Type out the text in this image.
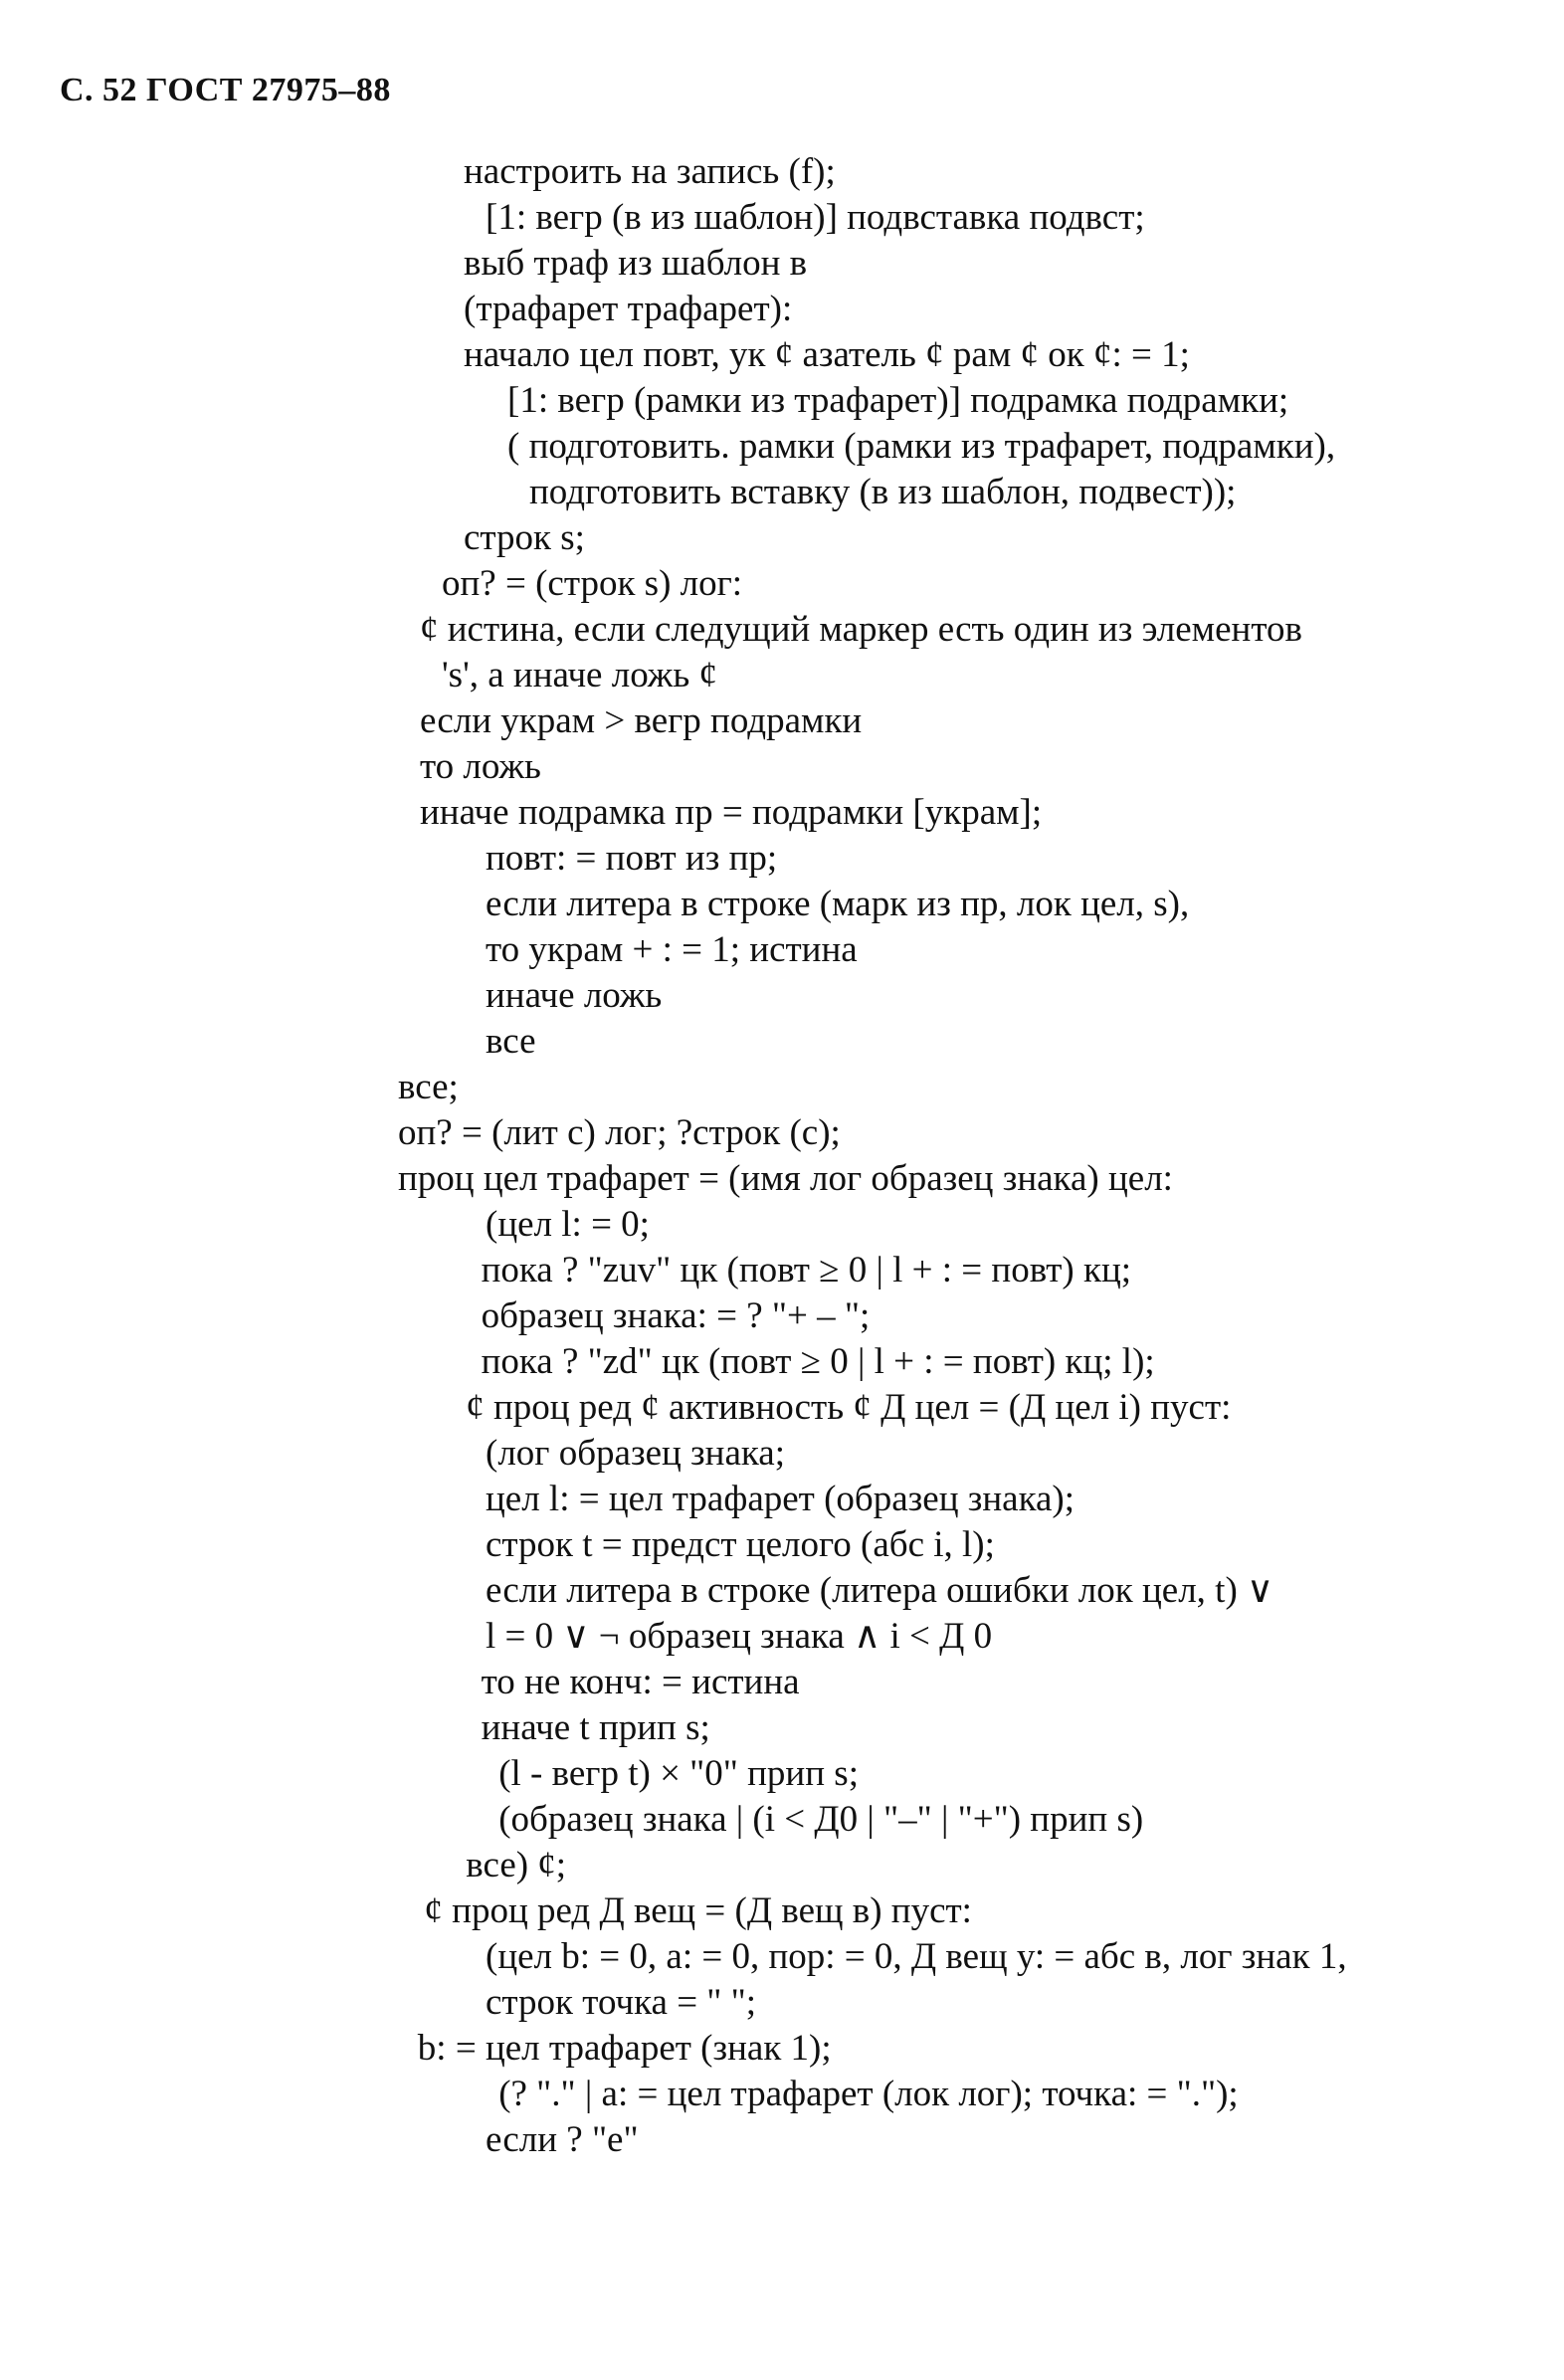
С. 52 ГОСТ 27975–88
настроить на запись (f);
[1: вегр (в из шаблон)] подвставка подвст;
выб траф из шаблон в
(трафарет трафарет):
начало цел повт, ук ¢ азатель ¢ рам ¢ ок ¢: = 1;
[1: вегр (рамки из трафарет)] подрамка подрамки;
( подготовить. рамки (рамки из трафарет, подрамки),
подготовить вставку (в из шаблон, подвест));
строк s;
оп? = (строк s) лог:
¢ истина, если следущий маркер есть один из элементов
's', а иначе ложь ¢
если украм > вегр подрамки
то ложь
иначе подрамка пр = подрамки [украм];
повт: = повт из пр;
если литера в строке (марк из пр, лок цел, s),
то украм + : = 1; истина
иначе ложь
все
все;
оп? = (лит с) лог; ?строк (с);
проц цел трафарет = (имя лог образец знака) цел:
(цел l: = 0;
пока ? "zuv" цк (повт ≥ 0 | l + : = повт) кц;
образец знака: = ? "+ – ";
пока ? "zd" цк (повт ≥ 0 | l + : = повт) кц; l);
¢ проц ред ¢ активность ¢ Д цел = (Д цел i) пуст:
(лог образец знака;
цел l: = цел трафарет (образец знака);
строк t = предст целого (абс i, l);
если литера в строке (литера ошибки лок цел, t) ∨
l = 0 ∨ ¬ образец знака ∧ i < Д 0
то не конч: = истина
иначе t прип s;
(l - вегр t) × "0" прип s;
(образец знака | (i < Д0 | "–" | "+") прип s)
все) ¢;
¢ проц ред Д вещ = (Д вещ в) пуст:
(цел b: = 0, а: = 0, пор: = 0, Д вещ у: = абс в, лог знак 1,
строк точка = " ";
b: = цел трафарет (знак 1);
(? "." | a: = цел трафарет (лок лог); точка: = ".");
если ? "е"
